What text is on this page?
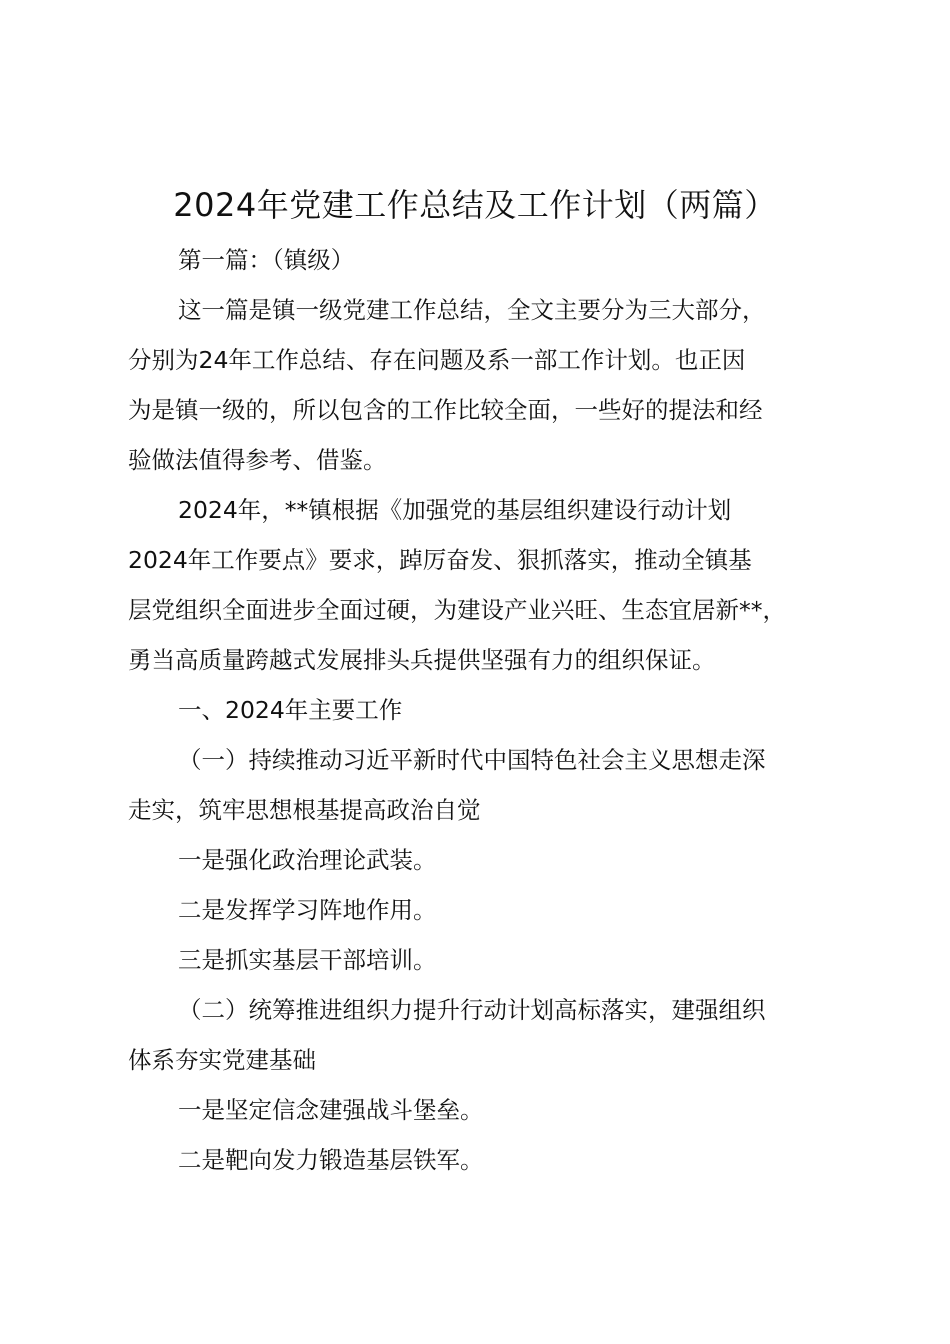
2024年党建工作总结及工作计划（两篇）
第一篇：（镇级）
这一篇是镇一级党建工作总结，全文主要分为三大部分，
分别为24年工作总结、存在问题及系一部工作计划。也正因
为是镇一级的，所以包含的工作比较全面，一些好的提法和经
验做法值得参考、借鉴。
2024年，**镇根据《加强党的基层组织建设行动计划
2024年工作要点》要求，踔厉奋发、狠抓落实，推动全镇基
层党组织全面进步全面过硬，为建设产业兴旺、生态宜居新**，
勇当高质量跨越式发展排头兵提供坚强有力的组织保证。
一、2024年主要工作
（一）持续推动习近平新时代中国特色社会主义思想走深
走实，筑牢思想根基提高政治自觉
一是强化政治理论武装。
二是发挥学习阵地作用。
三是抓实基层干部培训。
（二）统筹推进组织力提升行动计划高标落实，建强组织
体系夯实党建基础
一是坚定信念建强战斗堡垒。
二是靶向发力锻造基层铁军。
